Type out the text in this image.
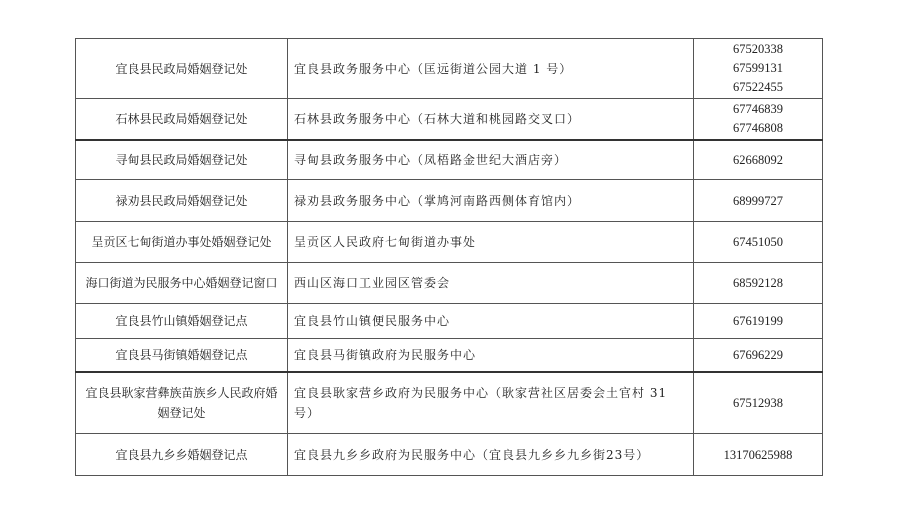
宜良县民政局婚姻登记处	宜良县政务服务中心（匡远街道公园大道 1 号）	67520338
67599131
67522455

石林县民政局婚姻登记处	石林县政务服务中心（石林大道和桃园路交叉口）	67746839
67746808

寻甸县民政局婚姻登记处	寻甸县政务服务中心（凤梧路金世纪大酒店旁）	62668092
禄劝县民政局婚姻登记处	禄劝县政务服务中心（掌鸠河南路西侧体育馆内）	68999727
呈贡区七甸街道办事处婚姻登记处	呈贡区人民政府七甸街道办事处	67451050
海口街道为民服务中心婚姻登记窗口	西山区海口工业园区管委会	68592128
宜良县竹山镇婚姻登记点	宜良县竹山镇便民服务中心	67619199
宜良县马街镇婚姻登记点	宜良县马街镇政府为民服务中心	67696229
宜良县耿家营彝族苗族乡人民政府婚姻登记处	宜良县耿家营乡政府为民服务中心（耿家营社区居委会土官村 31 号）	67512938
宜良县九乡乡婚姻登记点	宜良县九乡乡政府为民服务中心（宜良县九乡乡九乡街23号）	13170625988
